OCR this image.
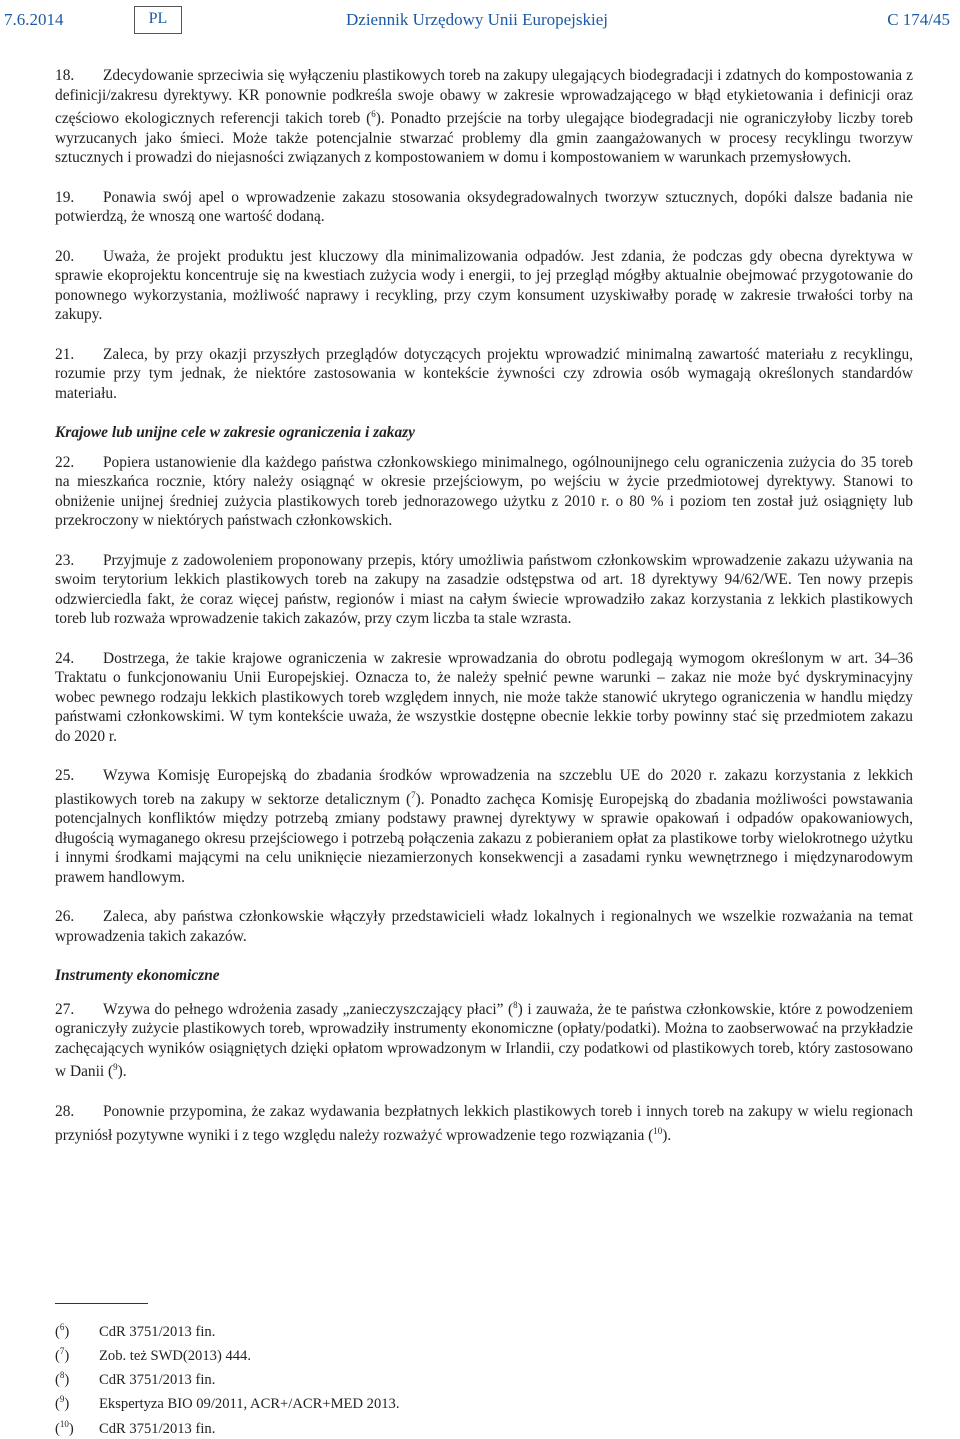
7.6.2014	PL	Dziennik Urzędowy Unii Europejskiej	C 174/45

18. Zdecydowanie sprzeciwia się wyłączeniu plastikowych toreb na zakupy ulegających biodegradacji i zdatnych do kompostowania z definicji/zakresu dyrektywy. KR ponownie podkreśla swoje obawy w zakresie wprowadzającego w błąd etykietowania i definicji oraz częściowo ekologicznych referencji takich toreb ($^6$). Ponadto przejście na torby ulegające biodegradacji nie ograniczyłoby liczby toreb wyrzucanych jako śmieci. Może także potencjalnie stwarzać problemy dla gmin zaangażowanych w procesy recyklingu tworzyw sztucznych i prowadzi do niejasności związanych z kompostowaniem w domu i kompostowaniem w warunkach przemysłowych.

19. Ponawia swój apel o wprowadzenie zakazu stosowania oksydegradowalnych tworzyw sztucznych, dopóki dalsze badania nie potwierdzą, że wnoszą one wartość dodaną.

20. Uważa, że projekt produktu jest kluczowy dla minimalizowania odpadów. Jest zdania, że podczas gdy obecna dyrektywa w sprawie ekoprojektu koncentruje się na kwestiach zużycia wody i energii, to jej przegląd mógłby aktualnie obejmować przygotowanie do ponownego wykorzystania, możliwość naprawy i recykling, przy czym konsument uzyskiwałby poradę w zakresie trwałości torby na zakupy.

21. Zaleca, by przy okazji przyszłych przeglądów dotyczących projektu wprowadzić minimalną zawartość materiału z recyklingu, rozumie przy tym jednak, że niektóre zastosowania w kontekście żywności czy zdrowia osób wymagają określonych standardów materiału.

Krajowe lub unijne cele w zakresie ograniczenia i zakazy

22. Popiera ustanowienie dla każdego państwa członkowskiego minimalnego, ogólnounijnego celu ograniczenia zużycia do 35 toreb na mieszkańca rocznie, który należy osiągnąć w okresie przejściowym, po wejściu w życie przedmiotowej dyrektywy. Stanowi to obniżenie unijnej średniej zużycia plastikowych toreb jednorazowego użytku z 2010 r. o 80 % i poziom ten został już osiągnięty lub przekroczony w niektórych państwach członkowskich.

23. Przyjmuje z zadowoleniem proponowany przepis, który umożliwia państwom członkowskim wprowadzenie zakazu używania na swoim terytorium lekkich plastikowych toreb na zakupy na zasadzie odstępstwa od art. 18 dyrektywy 94/62/WE. Ten nowy przepis odzwierciedla fakt, że coraz więcej państw, regionów i miast na całym świecie wprowadziło zakaz korzystania z lekkich plastikowych toreb lub rozważa wprowadzenie takich zakazów, przy czym liczba ta stale wzrasta.

24. Dostrzega, że takie krajowe ograniczenia w zakresie wprowadzania do obrotu podlegają wymogom określonym w art. 34–36 Traktatu o funkcjonowaniu Unii Europejskiej. Oznacza to, że należy spełnić pewne warunki – zakaz nie może być dyskryminacyjny wobec pewnego rodzaju lekkich plastikowych toreb względem innych, nie może także stanowić ukrytego ograniczenia w handlu między państwami członkowskimi. W tym kontekście uważa, że wszystkie dostępne obecnie lekkie torby powinny stać się przedmiotem zakazu do 2020 r.

25. Wzywa Komisję Europejską do zbadania środków wprowadzenia na szczeblu UE do 2020 r. zakazu korzystania z lekkich plastikowych toreb na zakupy w sektorze detalicznym ($^7$). Ponadto zachęca Komisję Europejską do zbadania możliwości powstawania potencjalnych konfliktów między potrzebą zmiany podstawy prawnej dyrektywy w sprawie opakowań i odpadów opakowaniowych, długością wymaganego okresu przejściowego i potrzebą połączenia zakazu z pobieraniem opłat za plastikowe torby wielokrotnego użytku i innymi środkami mającymi na celu uniknięcie niezamierzonych konsekwencji a zasadami rynku wewnętrznego i międzynarodowym prawem handlowym.

26. Zaleca, aby państwa członkowskie włączyły przedstawicieli władz lokalnych i regionalnych we wszelkie rozważania na temat wprowadzenia takich zakazów.

Instrumenty ekonomiczne

27. Wzywa do pełnego wdrożenia zasady „zanieczyszczający płaci” ($^8$) i zauważa, że te państwa członkowskie, które z powodzeniem ograniczyły zużycie plastikowych toreb, wprowadziły instrumenty ekonomiczne (opłaty/podatki). Można to zaobserwować na przykładzie zachęcających wyników osiągniętych dzięki opłatom wprowadzonym w Irlandii, czy podatkowi od plastikowych toreb, który zastosowano w Danii ($^9$).

28. Ponownie przypomina, że zakaz wydawania bezpłatnych lekkich plastikowych toreb i innych toreb na zakupy w wielu regionach przyniósł pozytywne wyniki i z tego względu należy rozważyć wprowadzenie tego rozwiązania ($^{10}$).

($^6$) CdR 3751/2013 fin.

($^7$) Zob. też SWD(2013) 444.

($^8$) CdR 3751/2013 fin.

($^9$) Ekspertyza BIO 09/2011, ACR+/ACR+MED 2013.

($^{10}$) CdR 3751/2013 fin.
